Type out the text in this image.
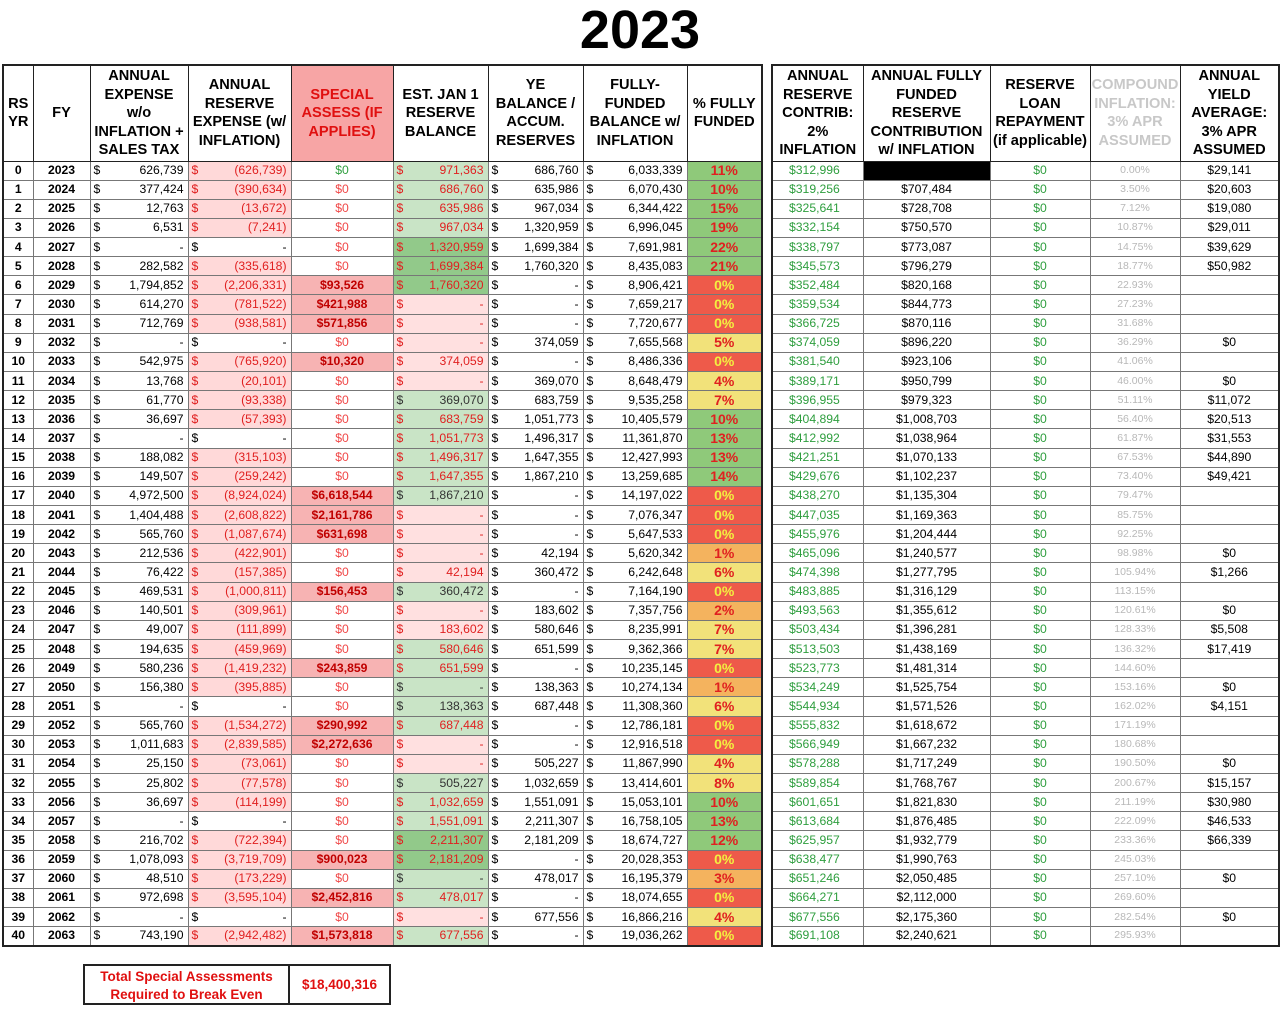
2023
RS YR	FY	ANNUAL EXPENSE w/o INFLATION + SALES TAX	ANNUAL RESERVE EXPENSE (w/ INFLATION)	SPECIAL ASSESS (IF APPLIES)	EST. JAN 1 RESERVE BALANCE	YE BALANCE / ACCUM. RESERVES	FULLY-FUNDED BALANCE w/ INFLATION	% FULLY FUNDED
0	2023	$ 626,739	$ (626,739)	$0	$ 971,363	$ 686,760	$ 6,033,339	11%
1	2024	$ 377,424	$ (390,634)	$0	$ 686,760	$ 635,986	$ 6,070,430	10%
2	2025	$ 12,763	$ (13,672)	$0	$ 635,986	$ 967,034	$ 6,344,422	15%
3	2026	$ 6,531	$ (7,241)	$0	$ 967,034	$ 1,320,959	$ 6,996,045	19%
4	2027	$ -	$ -	$0	$ 1,320,959	$ 1,699,384	$ 7,691,981	22%
5	2028	$ 282,582	$ (335,618)	$0	$ 1,699,384	$ 1,760,320	$ 8,435,083	21%
6	2029	$ 1,794,852	$ (2,206,331)	$93,526	$ 1,760,320	$ -	$ 8,906,421	0%
7	2030	$ 614,270	$ (781,522)	$421,988	$ -	$ -	$ 7,659,217	0%
8	2031	$ 712,769	$ (938,581)	$571,856	$ -	$ -	$ 7,720,677	0%
9	2032	$ -	$ -	$0	$ -	$ 374,059	$ 7,655,568	5%
10	2033	$ 542,975	$ (765,920)	$10,320	$ 374,059	$ -	$ 8,486,336	0%
11	2034	$ 13,768	$ (20,101)	$0	$ -	$ 369,070	$ 8,648,479	4%
12	2035	$ 61,770	$ (93,338)	$0	$ 369,070	$ 683,759	$ 9,535,258	7%
13	2036	$ 36,697	$ (57,393)	$0	$ 683,759	$ 1,051,773	$ 10,405,579	10%
14	2037	$ -	$ -	$0	$ 1,051,773	$ 1,496,317	$ 11,361,870	13%
15	2038	$ 188,082	$ (315,103)	$0	$ 1,496,317	$ 1,647,355	$ 12,427,993	13%
16	2039	$ 149,507	$ (259,242)	$0	$ 1,647,355	$ 1,867,210	$ 13,259,685	14%
17	2040	$ 4,972,500	$ (8,924,024)	$6,618,544	$ 1,867,210	$ -	$ 14,197,022	0%
18	2041	$ 1,404,488	$ (2,608,822)	$2,161,786	$ -	$ -	$ 7,076,347	0%
19	2042	$ 565,760	$ (1,087,674)	$631,698	$ -	$ -	$ 5,647,533	0%
20	2043	$ 212,536	$ (422,901)	$0	$ -	$ 42,194	$ 5,620,342	1%
21	2044	$ 76,422	$ (157,385)	$0	$ 42,194	$ 360,472	$ 6,242,648	6%
22	2045	$ 469,531	$ (1,000,811)	$156,453	$ 360,472	$ -	$ 7,164,190	0%
23	2046	$ 140,501	$ (309,961)	$0	$ -	$ 183,602	$ 7,357,756	2%
24	2047	$ 49,007	$ (111,899)	$0	$ 183,602	$ 580,646	$ 8,235,991	7%
25	2048	$ 194,635	$ (459,969)	$0	$ 580,646	$ 651,599	$ 9,362,366	7%
26	2049	$ 580,236	$ (1,419,232)	$243,859	$ 651,599	$ -	$ 10,235,145	0%
27	2050	$ 156,380	$ (395,885)	$0	$ -	$ 138,363	$ 10,274,134	1%
28	2051	$ -	$ -	$0	$ 138,363	$ 687,448	$ 11,308,360	6%
29	2052	$ 565,760	$ (1,534,272)	$290,992	$ 687,448	$ -	$ 12,786,181	0%
30	2053	$ 1,011,683	$ (2,839,585)	$2,272,636	$ -	$ -	$ 12,916,518	0%
31	2054	$ 25,150	$ (73,061)	$0	$ -	$ 505,227	$ 11,867,990	4%
32	2055	$ 25,802	$ (77,578)	$0	$ 505,227	$ 1,032,659	$ 13,414,601	8%
33	2056	$ 36,697	$ (114,199)	$0	$ 1,032,659	$ 1,551,091	$ 15,053,101	10%
34	2057	$ -	$ -	$0	$ 1,551,091	$ 2,211,307	$ 16,758,105	13%
35	2058	$ 216,702	$ (722,394)	$0	$ 2,211,307	$ 2,181,209	$ 18,674,727	12%
36	2059	$ 1,078,093	$ (3,719,709)	$900,023	$ 2,181,209	$ -	$ 20,028,353	0%
37	2060	$ 48,510	$ (173,229)	$0	$ -	$ 478,017	$ 16,195,379	3%
38	2061	$ 972,698	$ (3,595,104)	$2,452,816	$ 478,017	$ -	$ 18,074,655	0%
39	2062	$ -	$ -	$0	$ -	$ 677,556	$ 16,866,216	4%
40	2063	$ 743,190	$ (2,942,482)	$1,573,818	$ 677,556	$ -	$ 19,036,262	0%
ANNUAL RESERVE CONTRIB: 2% INFLATION	ANNUAL FULLY FUNDED RESERVE CONTRIBUTION w/ INFLATION	RESERVE LOAN REPAYMENT (if applicable)	COMPOUND INFLATION: 3% APR ASSUMED	ANNUAL YIELD AVERAGE: 3% APR ASSUMED
$312,996		$0	0.00%	$29,141
$319,256	$707,484	$0	3.50%	$20,603
$325,641	$728,708	$0	7.12%	$19,080
$332,154	$750,570	$0	10.87%	$29,011
$338,797	$773,087	$0	14.75%	$39,629
$345,573	$796,279	$0	18.77%	$50,982
$352,484	$820,168	$0	22.93%	
$359,534	$844,773	$0	27.23%	
$366,725	$870,116	$0	31.68%	
$374,059	$896,220	$0	36.29%	$0
$381,540	$923,106	$0	41.06%	
$389,171	$950,799	$0	46.00%	$0
$396,955	$979,323	$0	51.11%	$11,072
$404,894	$1,008,703	$0	56.40%	$20,513
$412,992	$1,038,964	$0	61.87%	$31,553
$421,251	$1,070,133	$0	67.53%	$44,890
$429,676	$1,102,237	$0	73.40%	$49,421
$438,270	$1,135,304	$0	79.47%	
$447,035	$1,169,363	$0	85.75%	
$455,976	$1,204,444	$0	92.25%	
$465,096	$1,240,577	$0	98.98%	$0
$474,398	$1,277,795	$0	105.94%	$1,266
$483,885	$1,316,129	$0	113.15%	
$493,563	$1,355,612	$0	120.61%	$0
$503,434	$1,396,281	$0	128.33%	$5,508
$513,503	$1,438,169	$0	136.32%	$17,419
$523,773	$1,481,314	$0	144.60%	
$534,249	$1,525,754	$0	153.16%	$0
$544,934	$1,571,526	$0	162.02%	$4,151
$555,832	$1,618,672	$0	171.19%	
$566,949	$1,667,232	$0	180.68%	
$578,288	$1,717,249	$0	190.50%	$0
$589,854	$1,768,767	$0	200.67%	$15,157
$601,651	$1,821,830	$0	211.19%	$30,980
$613,684	$1,876,485	$0	222.09%	$46,533
$625,957	$1,932,779	$0	233.36%	$66,339
$638,477	$1,990,763	$0	245.03%	
$651,246	$2,050,485	$0	257.10%	$0
$664,271	$2,112,000	$0	269.60%	
$677,556	$2,175,360	$0	282.54%	$0
$691,108	$2,240,621	$0	295.93%	
Total Special Assessments Required to Break Even
$18,400,316
